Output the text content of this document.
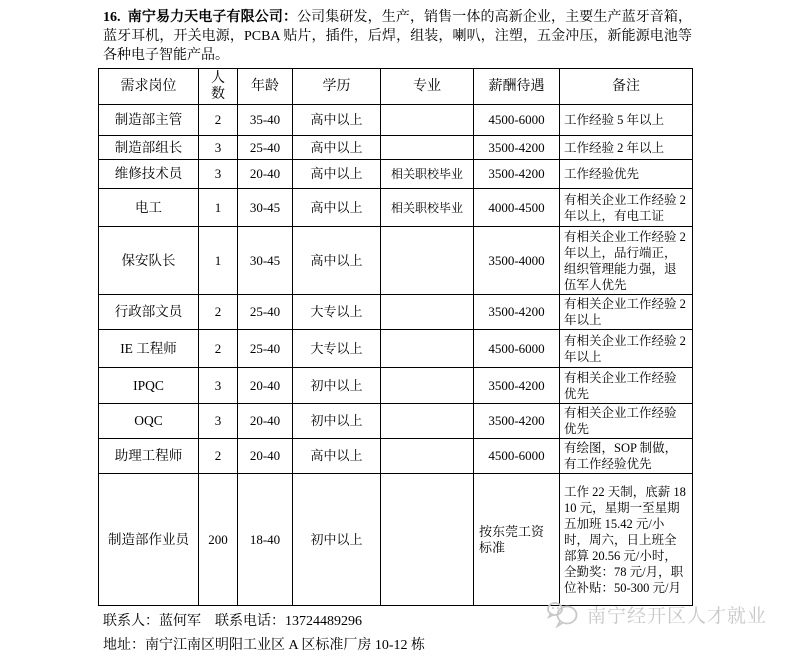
16. 南宁易力天电子有限公司：公司集研发，生产，销售一体的高新企业，主要生产蓝牙音箱，蓝牙耳机，开关电源，PCBA 贴片，插件，后焊，组装，喇叭，注塑，五金冲压，新能源电池等各种电子智能产品。

需求岗位	人数	年龄	学历	专业	薪酬待遇	备注
制造部主管	2	35-40	高中以上		4500-6000	工作经验 5 年以上
制造部组长	3	25-40	高中以上		3500-4200	工作经验 2 年以上
维修技术员	3	20-40	高中以上	相关职校毕业	3500-4200	工作经验优先
电工	1	30-45	高中以上	相关职校毕业	4000-4500	有相关企业工作经验 2 年以上，有电工证
保安队长	1	30-45	高中以上		3500-4000	有相关企业工作经验 2 年以上，品行端正，组织管理能力强，退伍军人优先
行政部文员	2	25-40	大专以上		3500-4200	有相关企业工作经验 2 年以上
IE 工程师	2	25-40	大专以上		4500-6000	有相关企业工作经验 2 年以上
IPQC	3	20-40	初中以上		3500-4200	有相关企业工作经验优先
OQC	3	20-40	初中以上		3500-4200	有相关企业工作经验优先
助理工程师	2	20-40	高中以上		4500-6000	有绘图，SOP 制做，有工作经验优先
制造部作业员	200	18-40	初中以上		按东莞工资标准	工作 22 天制，底薪 1810 元，星期一至星期五加班 15.42 元/小时，周六，日上班全部算 20.56 元/小时，全勤奖：78 元/月，职位补贴：50-300 元/月
联系人：蓝何军　联系电话：13724489296
地址：南宁江南区明阳工业区 A 区标准厂房 10-12 栋
南宁经开区人才就业
